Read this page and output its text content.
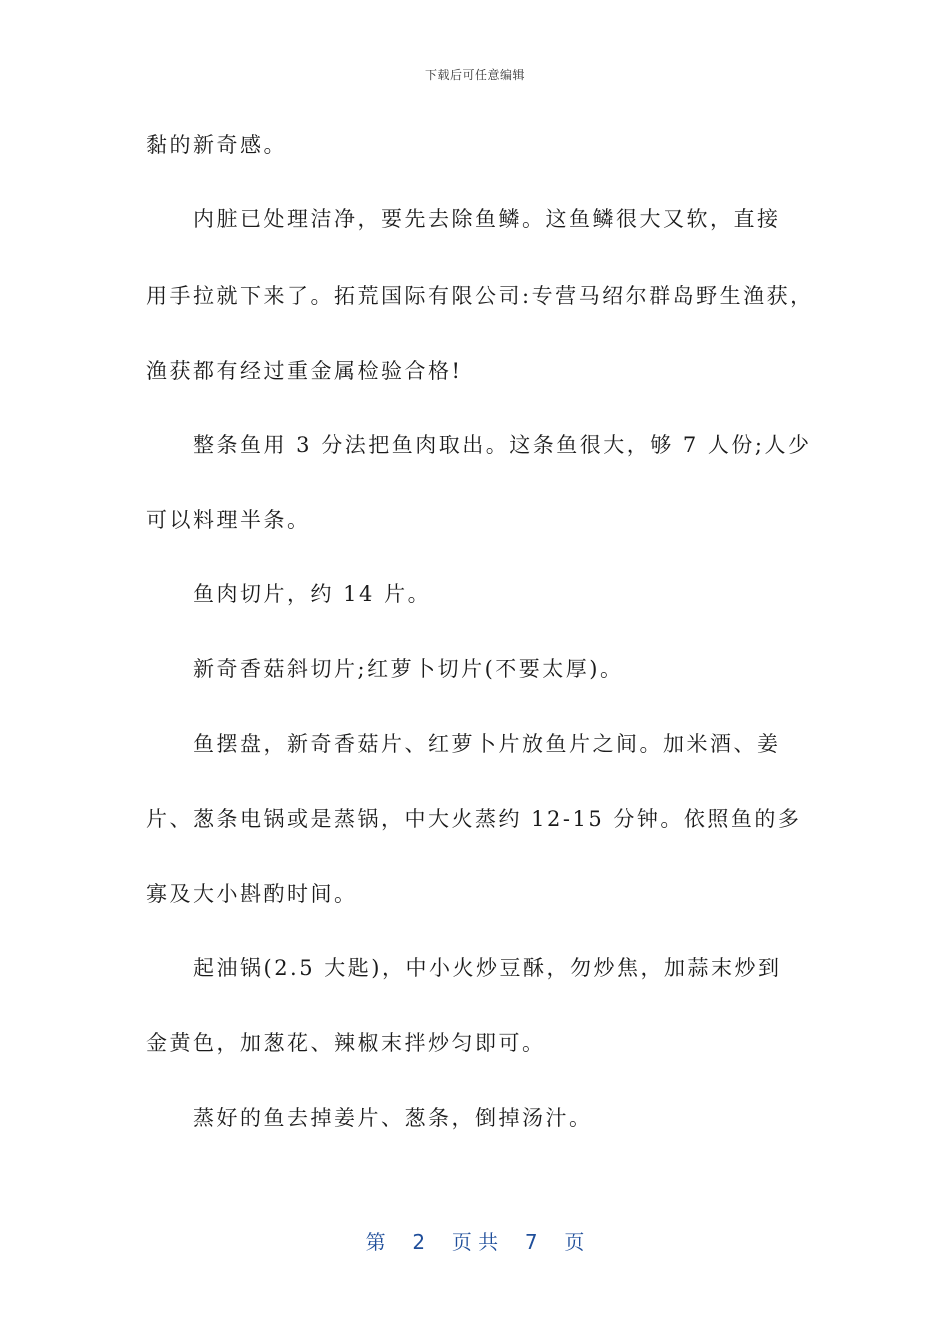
下载后可任意编辑
黏的新奇感。
内脏已处理洁净，要先去除鱼鳞。这鱼鳞很大又软，直接
用手拉就下来了。拓荒国际有限公司:专营马绍尔群岛野生渔获，
渔获都有经过重金属检验合格!
整条鱼用 3 分法把鱼肉取出。这条鱼很大，够 7 人份;人少
可以料理半条。
鱼肉切片，约 14 片。
新奇香菇斜切片;红萝卜切片(不要太厚)。
鱼摆盘，新奇香菇片、红萝卜片放鱼片之间。加米酒、姜
片、葱条电锅或是蒸锅，中大火蒸约 12-15 分钟。依照鱼的多
寡及大小斟酌时间。
起油锅(2.5 大匙)，中小火炒豆酥，勿炒焦，加蒜末炒到
金黄色，加葱花、辣椒末拌炒匀即可。
蒸好的鱼去掉姜片、葱条，倒掉汤汁。
第 2 页 共 7 页
